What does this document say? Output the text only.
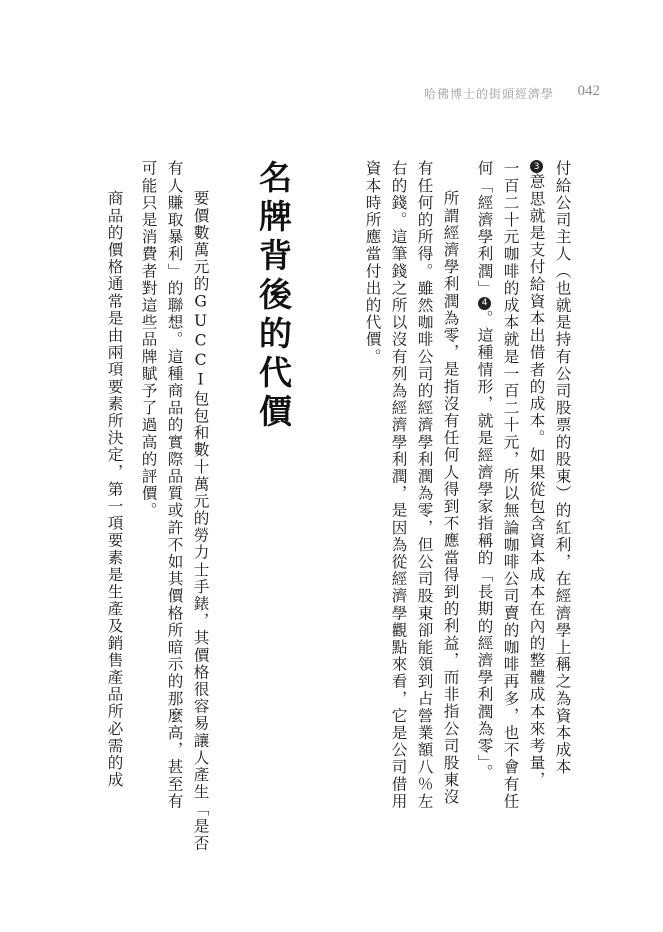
哈佛博士的街頭經濟學 042
付給公司主人（也就是持有公司股票的股東）的紅利，在經濟學上稱之為資本成本
3意思就是支付給資本出借者的成本。如果從包含資本成本在內的整體成本來考量，
一百二十元咖啡的成本就是一百二十元，所以無論咖啡公司賣的咖啡再多，也不會有任
何「經濟學利潤」4。這種情形，就是經濟學家指稱的「長期的經濟學利潤為零」。
所謂經濟學利潤為零，是指沒有任何人得到不應當得到的利益，而非指公司股東沒
有任何的所得。雖然咖啡公司的經濟學利潤為零，但公司股東卻能領到占營業額八％左
右的錢。這筆錢之所以沒有列為經濟學利潤，是因為從經濟學觀點來看，它是公司借用
資本時所應當付出的代價。
名牌背後的代價
要價數萬元的GUCCI包包和數十萬元的勞力士手錶，其價格很容易讓人產生「是否
有人賺取暴利」的聯想。這種商品的實際品質或許不如其價格所暗示的那麼高，甚至有
可能只是消費者對這些品牌賦予了過高的評價。
商品的價格通常是由兩項要素所決定，第一項要素是生產及銷售產品所必需的成
